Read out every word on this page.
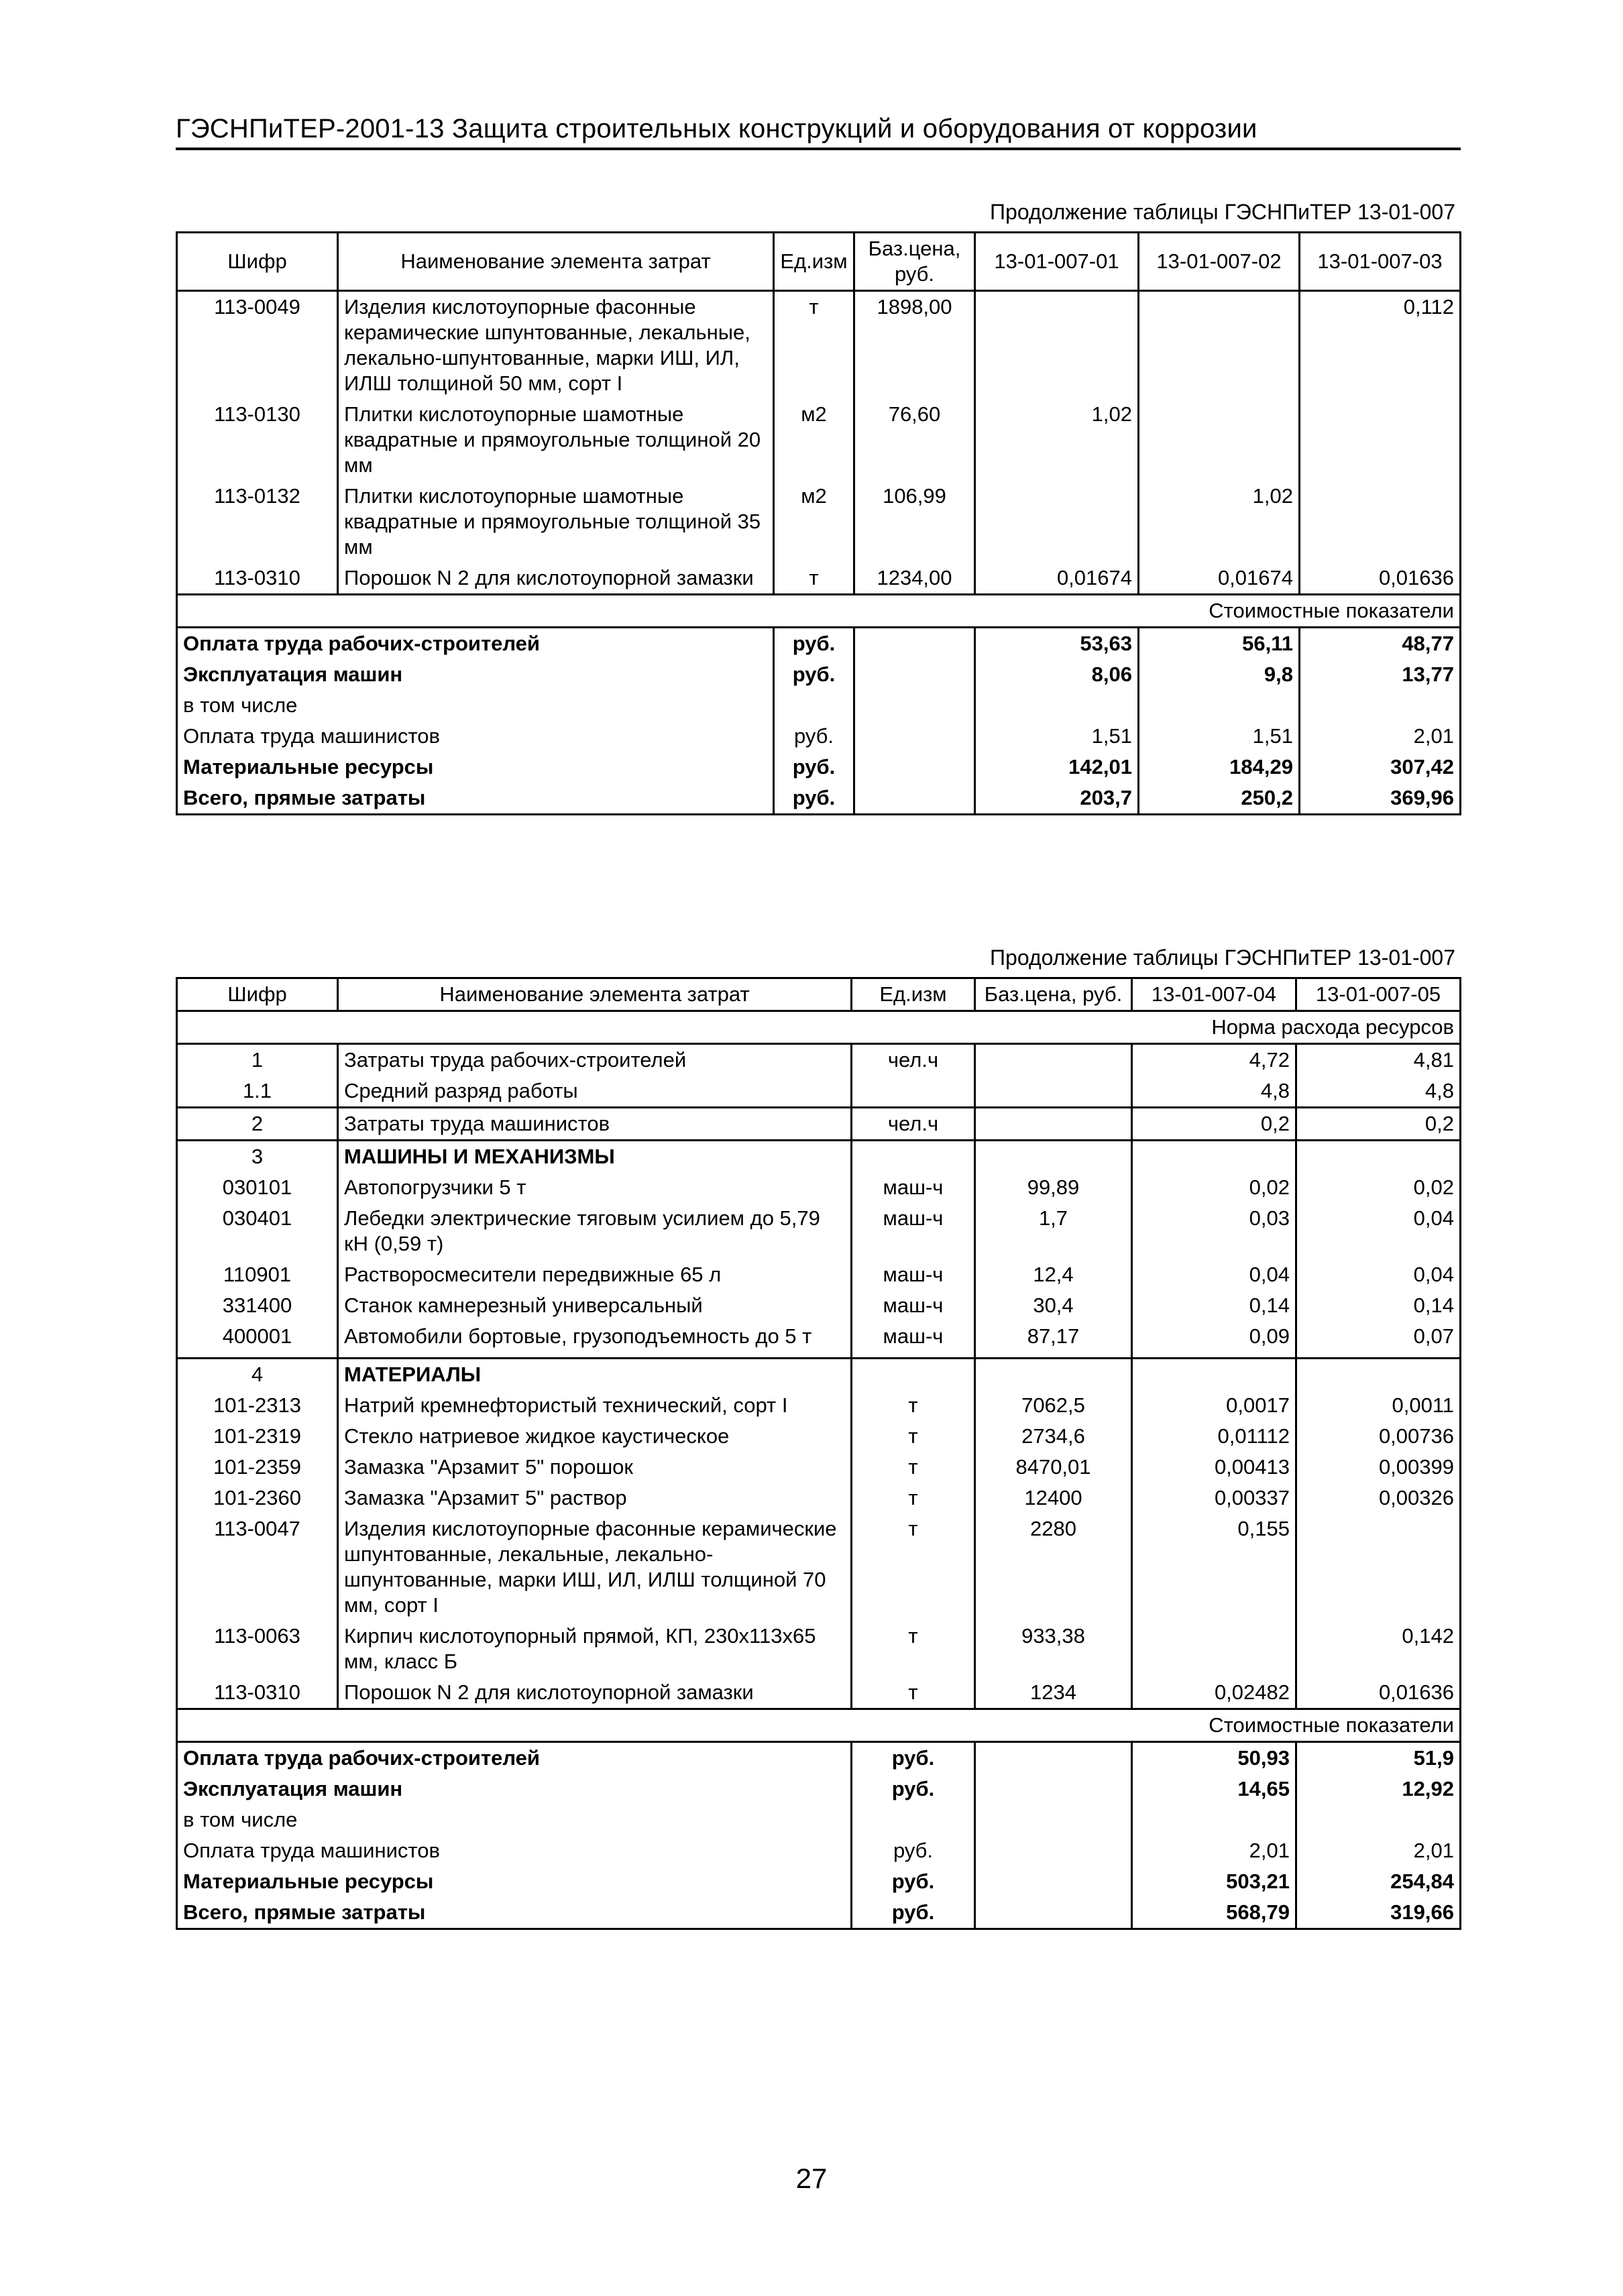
ГЭСНПиТЕР-2001-13 Защита строительных конструкций и оборудования от коррозии
Продолжение таблицы ГЭСНПиТЕР 13-01-007
Шифр	Наименование элемента затрат	Ед.изм	Баз.цена, руб.	13-01-007-01	13-01-007-02	13-01-007-03
113-0049	Изделия кислотоупорные фасонные керамические шпунтованные, лекальные, лекально-шпунтованные, марки ИШ, ИЛ, ИЛШ толщиной 50 мм, сорт I	т	1898,00			0,112
113-0130	Плитки кислотоупорные шамотные квадратные и прямоугольные толщиной 20 мм	м2	76,60	1,02		
113-0132	Плитки кислотоупорные шамотные квадратные и прямоугольные толщиной 35 мм	м2	106,99		1,02	
113-0310	Порошок N 2 для кислотоупорной замазки	т	1234,00	0,01674	0,01674	0,01636
Стоимостные показатели						
Оплата труда рабочих-строителей		руб.		53,63	56,11	48,77
Эксплуатация машин		руб.		8,06	9,8	13,77
в том числе						
Оплата труда машинистов		руб.		1,51	1,51	2,01
Материальные ресурсы		руб.		142,01	184,29	307,42
Всего, прямые затраты		руб.		203,7	250,2	369,96
Продолжение таблицы ГЭСНПиТЕР 13-01-007
Шифр	Наименование элемента затрат	Ед.изм	Баз.цена, руб.	13-01-007-04	13-01-007-05
Норма расхода ресурсов					
1	Затраты труда рабочих-строителей	чел.ч		4,72	4,81
1.1	Средний разряд работы			4,8	4,8
2	Затраты труда машинистов	чел.ч		0,2	0,2
3	МАШИНЫ И МЕХАНИЗМЫ				
030101	Автопогрузчики 5 т	маш-ч	99,89	0,02	0,02
030401	Лебедки электрические тяговым усилием до 5,79 кН (0,59 т)	маш-ч	1,7	0,03	0,04
110901	Растворосмесители передвижные 65 л	маш-ч	12,4	0,04	0,04
331400	Станок камнерезный универсальный	маш-ч	30,4	0,14	0,14
400001	Автомобили бортовые, грузоподъемность до 5 т	маш-ч	87,17	0,09	0,07

4	МАТЕРИАЛЫ				
101-2313	Натрий кремнефтористый технический, сорт I	т	7062,5	0,0017	0,0011
101-2319	Стекло натриевое жидкое каустическое	т	2734,6	0,01112	0,00736
101-2359	Замазка "Арзамит 5" порошок	т	8470,01	0,00413	0,00399
101-2360	Замазка "Арзамит 5" раствор	т	12400	0,00337	0,00326
113-0047	Изделия кислотоупорные фасонные керамические шпунтованные, лекальные, лекально-шпунтованные, марки ИШ, ИЛ, ИЛШ толщиной 70 мм, сорт I	т	2280	0,155	
113-0063	Кирпич кислотоупорный прямой, КП, 230х113х65 мм, класс Б	т	933,38		0,142
113-0310	Порошок N 2 для кислотоупорной замазки	т	1234	0,02482	0,01636
Стоимостные показатели					
Оплата труда рабочих-строителей		руб.		50,93	51,9
Эксплуатация машин		руб.		14,65	12,92
в том числе					
Оплата труда машинистов		руб.		2,01	2,01
Материальные ресурсы		руб.		503,21	254,84
Всего, прямые затраты		руб.		568,79	319,66
27
